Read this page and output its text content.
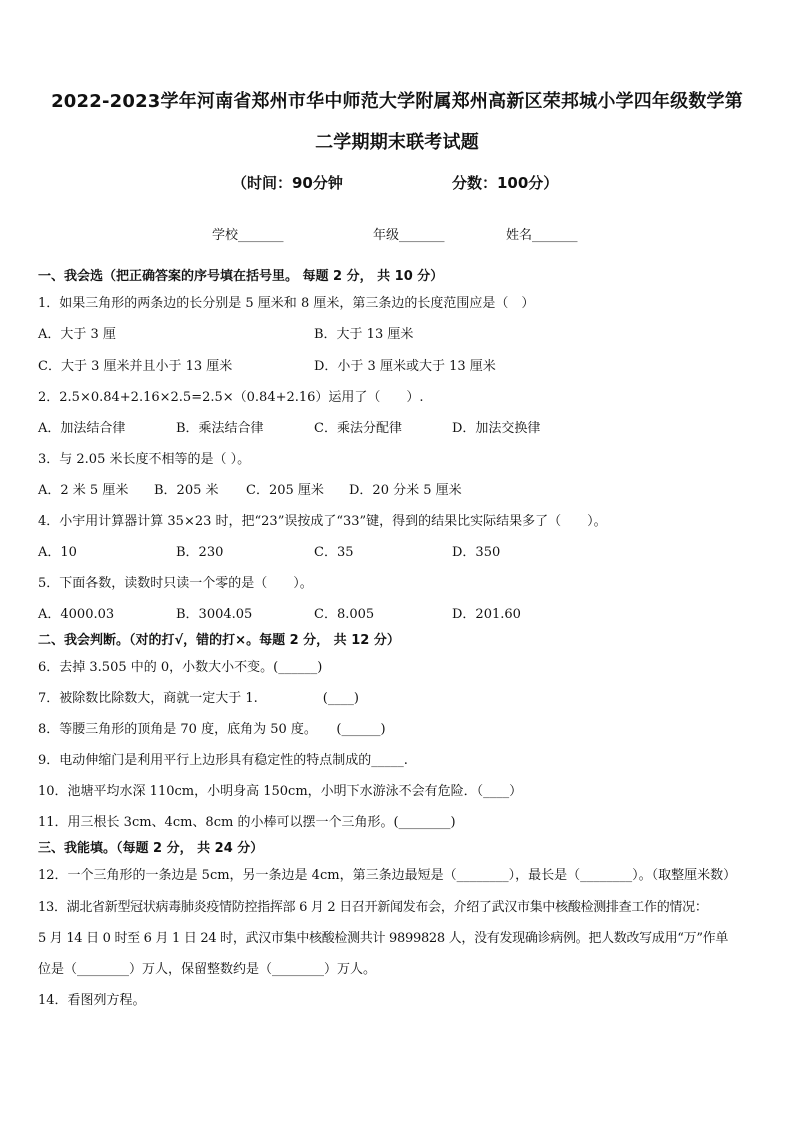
2022-2023学年河南省郑州市华中师范大学附属郑州高新区荣邦城小学四年级数学第
二学期期末联考试题
（时间：90分钟	分数：100分）
学校_______	年级_______	姓名_______
一、我会选（把正确答案的序号填在括号里。 每题 2 分， 共 10 分）
1．如果三角形的两条边的长分别是 5 厘米和 8 厘米，第三条边的长度范围应是（　）
A．大于 3 厘	B．大于 13 厘米
C．大于 3 厘米并且小于 13 厘米	D．小于 3 厘米或大于 13 厘米
2．2.5×0.84+2.16×2.5=2.5×（0.84+2.16）运用了（　　）.
A．加法结合律	B．乘法结合律	C．乘法分配律	D．加法交换律
3．与 2.05 米长度不相等的是（ ）。
A．2 米 5 厘米 B．205 米 C．205 厘米 D．20 分米 5 厘米
4．小宇用计算器计算 35×23 时，把“23”误按成了“33”键，得到的结果比实际结果多了（　　）。
A．10	B．230	C．35	D．350
5．下面各数，读数时只读一个零的是（　　）。
A．4000.03	B．3004.05	C．8.005	D．201.60
二、我会判断。（对的打√，错的打×。每题 2 分， 共 12 分）
6．去掉 3.505 中的 0，小数大小不变。(______)
7．被除数比除数大，商就一定大于 1.　　　　　(____)
8．等腰三角形的顶角是 70 度，底角为 50 度。　　(______)
9．电动伸缩门是利用平行上边形具有稳定性的特点制成的_____.
10．池塘平均水深 110cm，小明身高 150cm，小明下水游泳不会有危险．（____）
11．用三根长 3cm、4cm、8cm 的小棒可以摆一个三角形。(________)
三、我能填。（每题 2 分， 共 24 分）
12．一个三角形的一条边是 5cm，另一条边是 4cm，第三条边最短是（________），最长是（________）。（取整厘米数）
13．湖北省新型冠状病毒肺炎疫情防控指挥部 6 月 2 日召开新闻发布会，介绍了武汉市集中核酸检测排查工作的情况：
5 月 14 日 0 时至 6 月 1 日 24 时，武汉市集中核酸检测共计 9899828 人，没有发现确诊病例。把人数改写成用“万”作单
位是（________）万人，保留整数约是（________）万人。
14．看图列方程。
